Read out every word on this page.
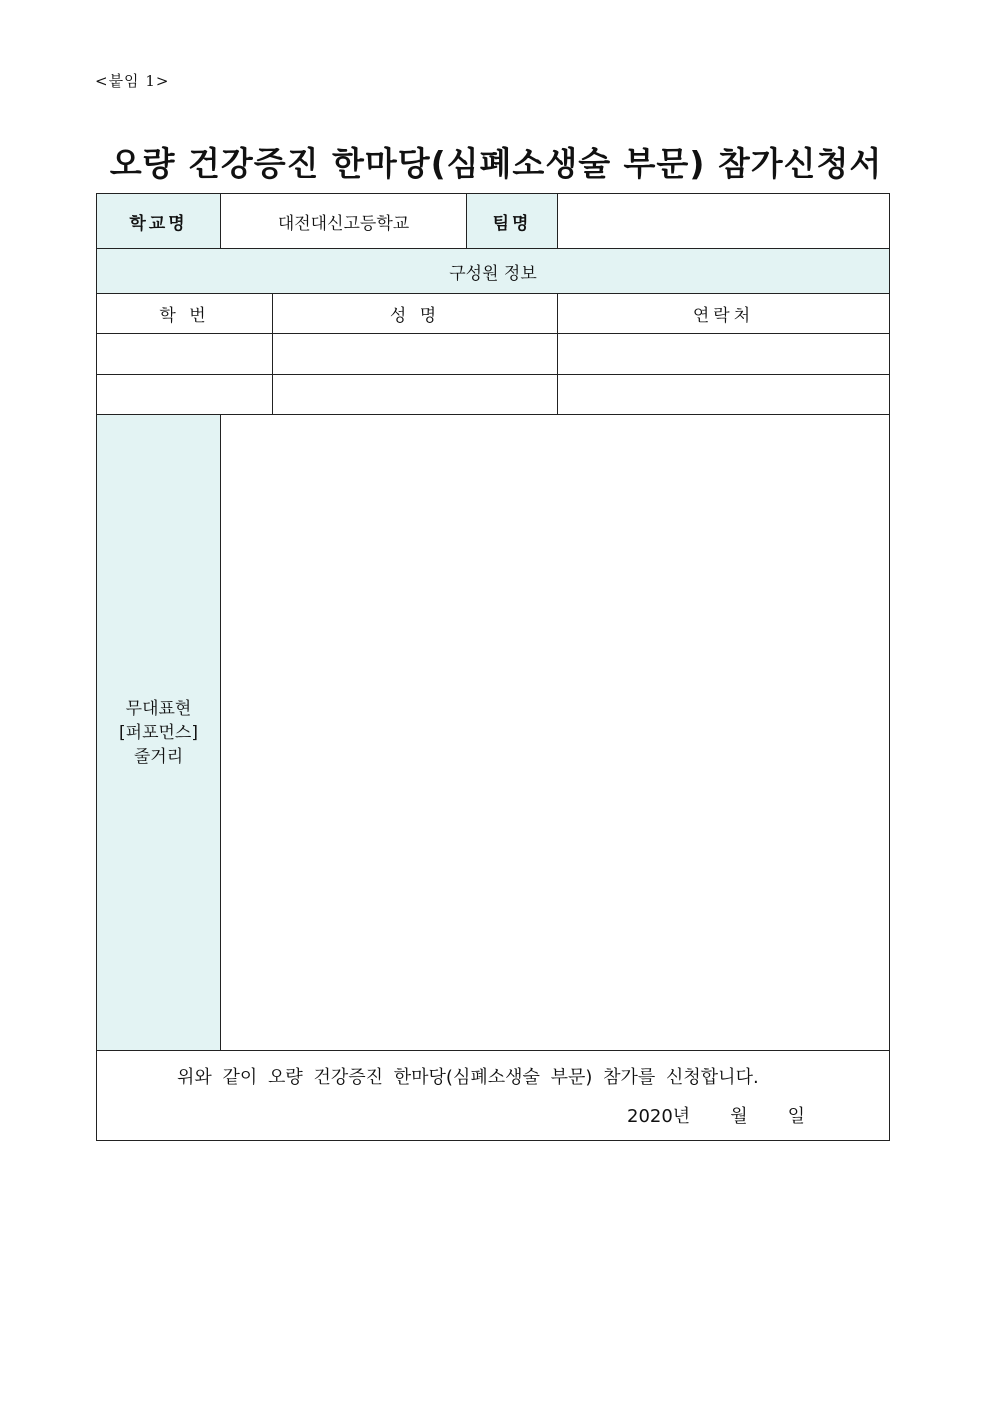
<붙임 1>
오량 건강증진 한마당(심폐소생술 부문) 참가신청서
학교명	대전대신고등학교		팀명	
구성원 정보				
학 번		성 명		연락처

무대표현
[퍼포먼스]
줄거리				

위와 같이 오량 건강증진 한마당(심폐소생술 부문) 참가를 신청합니다.
2020년 월 일				
